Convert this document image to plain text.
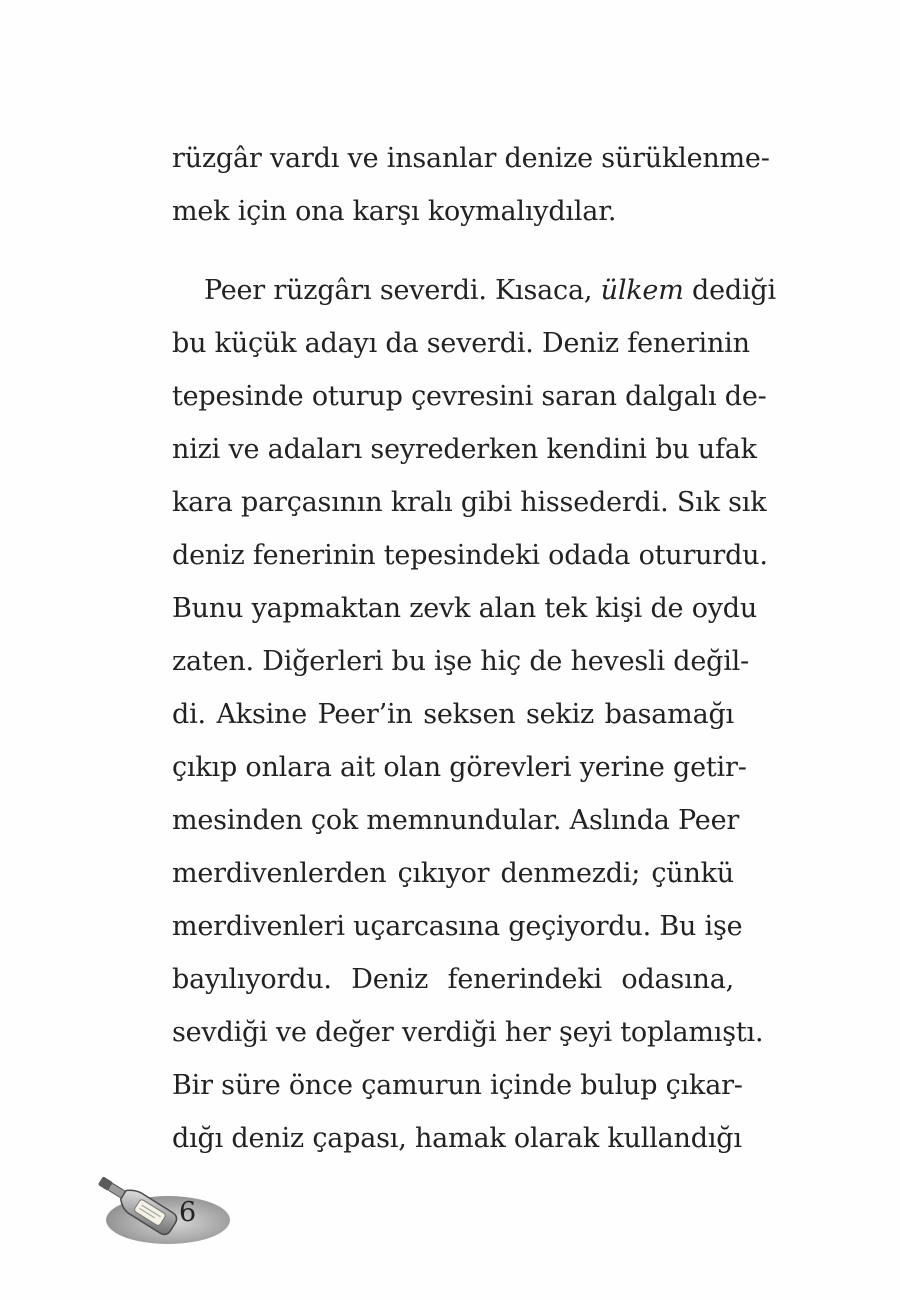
rüzgâr vardı ve insanlar denize sürüklenme-
mek için ona karşı koymalıydılar.
Peer rüzgârı severdi. Kısaca, ülkem dediği
bu küçük adayı da severdi. Deniz fenerinin
tepesinde oturup çevresini saran dalgalı de-
nizi ve adaları seyrederken kendini bu ufak
kara parçasının kralı gibi hissederdi. Sık sık
deniz fenerinin tepesindeki odada otururdu.
Bunu yapmaktan zevk alan tek kişi de oydu
zaten. Diğerleri bu işe hiç de hevesli değil-
di. Aksine Peer’in seksen sekiz basamağı
çıkıp onlara ait olan görevleri yerine getir-
mesinden çok memnundular. Aslında Peer
merdivenlerden çıkıyor denmezdi; çünkü
merdivenleri uçarcasına geçiyordu. Bu işe
bayılıyordu. Deniz fenerindeki odasına,
sevdiği ve değer verdiği her şeyi toplamıştı.
Bir süre önce çamurun içinde bulup çıkar-
dığı deniz çapası, hamak olarak kullandığı
6
